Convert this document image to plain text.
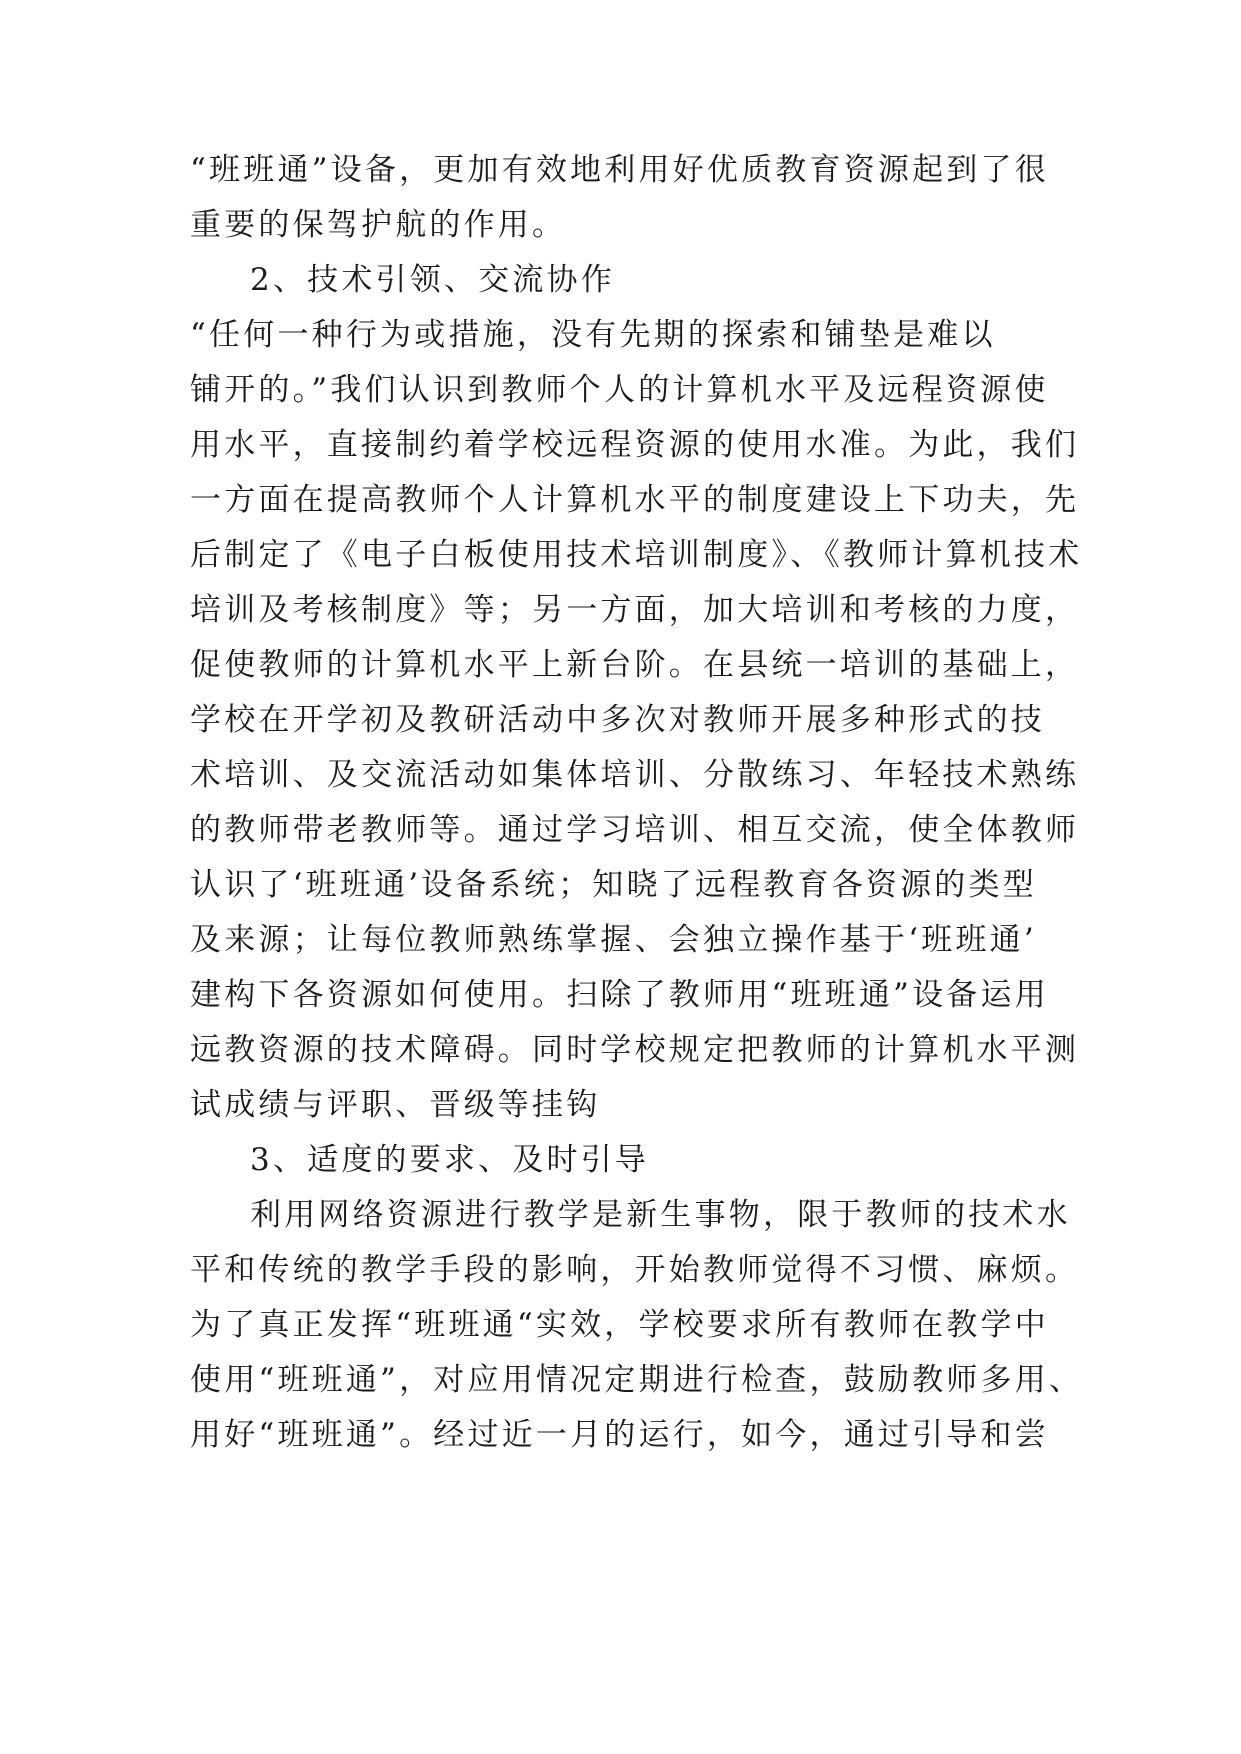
“班班通”设备，更加有效地利用好优质教育资源起到了很
重要的保驾护航的作用。
2、技术引领、交流协作
“任何一种行为或措施，没有先期的探索和铺垫是难以
铺开的。”我们认识到教师个人的计算机水平及远程资源使
用水平，直接制约着学校远程资源的使用水准。为此，我们
一方面在提高教师个人计算机水平的制度建设上下功夫，先
后制定了《电子白板使用技术培训制度》、《教师计算机技术
培训及考核制度》等；另一方面，加大培训和考核的力度，
促使教师的计算机水平上新台阶。在县统一培训的基础上，
学校在开学初及教研活动中多次对教师开展多种形式的技
术培训、及交流活动如集体培训、分散练习、年轻技术熟练
的教师带老教师等。通过学习培训、相互交流，使全体教师
认识了‘班班通’设备系统；知晓了远程教育各资源的类型
及来源；让每位教师熟练掌握、会独立操作基于‘班班通’
建构下各资源如何使用。扫除了教师用“班班通”设备运用
远教资源的技术障碍。同时学校规定把教师的计算机水平测
试成绩与评职、晋级等挂钩
3、适度的要求、及时引导
利用网络资源进行教学是新生事物，限于教师的技术水
平和传统的教学手段的影响，开始教师觉得不习惯、麻烦。
为了真正发挥“班班通“实效，学校要求所有教师在教学中
使用“班班通”，对应用情况定期进行检查，鼓励教师多用、
用好“班班通”。经过近一月的运行，如今，通过引导和尝
